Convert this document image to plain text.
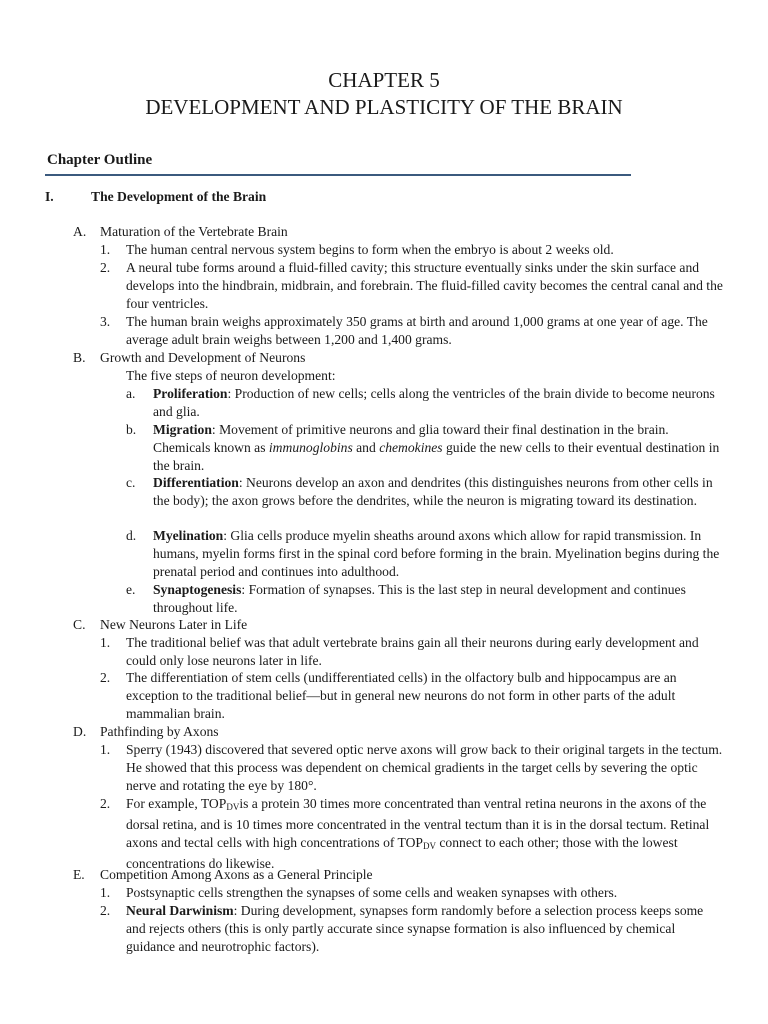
CHAPTER 5
DEVELOPMENT AND PLASTICITY OF THE BRAIN
Chapter Outline
I.	The Development of the Brain
A. Maturation of the Vertebrate Brain
1. The human central nervous system begins to form when the embryo is about 2 weeks old.
2. A neural tube forms around a fluid-filled cavity; this structure eventually sinks under the skin surface and develops into the hindbrain, midbrain, and forebrain. The fluid-filled cavity becomes the central canal and the four ventricles.
3. The human brain weighs approximately 350 grams at birth and around 1,000 grams at one year of age. The average adult brain weighs between 1,200 and 1,400 grams.
B. Growth and Development of Neurons
The five steps of neuron development:
a. Proliferation: Production of new cells; cells along the ventricles of the brain divide to become neurons and glia.
b. Migration: Movement of primitive neurons and glia toward their final destination in the brain. Chemicals known as immunoglobins and chemokines guide the new cells to their eventual destination in the brain.
c. Differentiation: Neurons develop an axon and dendrites (this distinguishes neurons from other cells in the body); the axon grows before the dendrites, while the neuron is migrating toward its destination.
d. Myelination: Glia cells produce myelin sheaths around axons which allow for rapid transmission. In humans, myelin forms first in the spinal cord before forming in the brain. Myelination begins during the prenatal period and continues into adulthood.
e. Synaptogenesis: Formation of synapses. This is the last step in neural development and continues throughout life.
C. New Neurons Later in Life
1. The traditional belief was that adult vertebrate brains gain all their neurons during early development and could only lose neurons later in life.
2. The differentiation of stem cells (undifferentiated cells) in the olfactory bulb and hippocampus are an exception to the traditional belief—but in general new neurons do not form in other parts of the adult mammalian brain.
D. Pathfinding by Axons
1. Sperry (1943) discovered that severed optic nerve axons will grow back to their original targets in the tectum. He showed that this process was dependent on chemical gradients in the target cells by severing the optic nerve and rotating the eye by 180°.
2. For example, $TOP_{DV}is$ a protein 30 times more concentrated than ventral retina neurons in the axons of the dorsal retina, and is 10 times more concentrated in the ventral tectum than it is in the dorsal tectum. Retinal axons and tectal cells with high concentrations of $TOP_{DV}$ connect to each other; those with the lowest concentrations do likewise.
E. Competition Among Axons as a General Principle
1. Postsynaptic cells strengthen the synapses of some cells and weaken synapses with others.
2. Neural Darwinism: During development, synapses form randomly before a selection process keeps some and rejects others (this is only partly accurate since synapse formation is also influenced by chemical guidance and neurotrophic factors).
